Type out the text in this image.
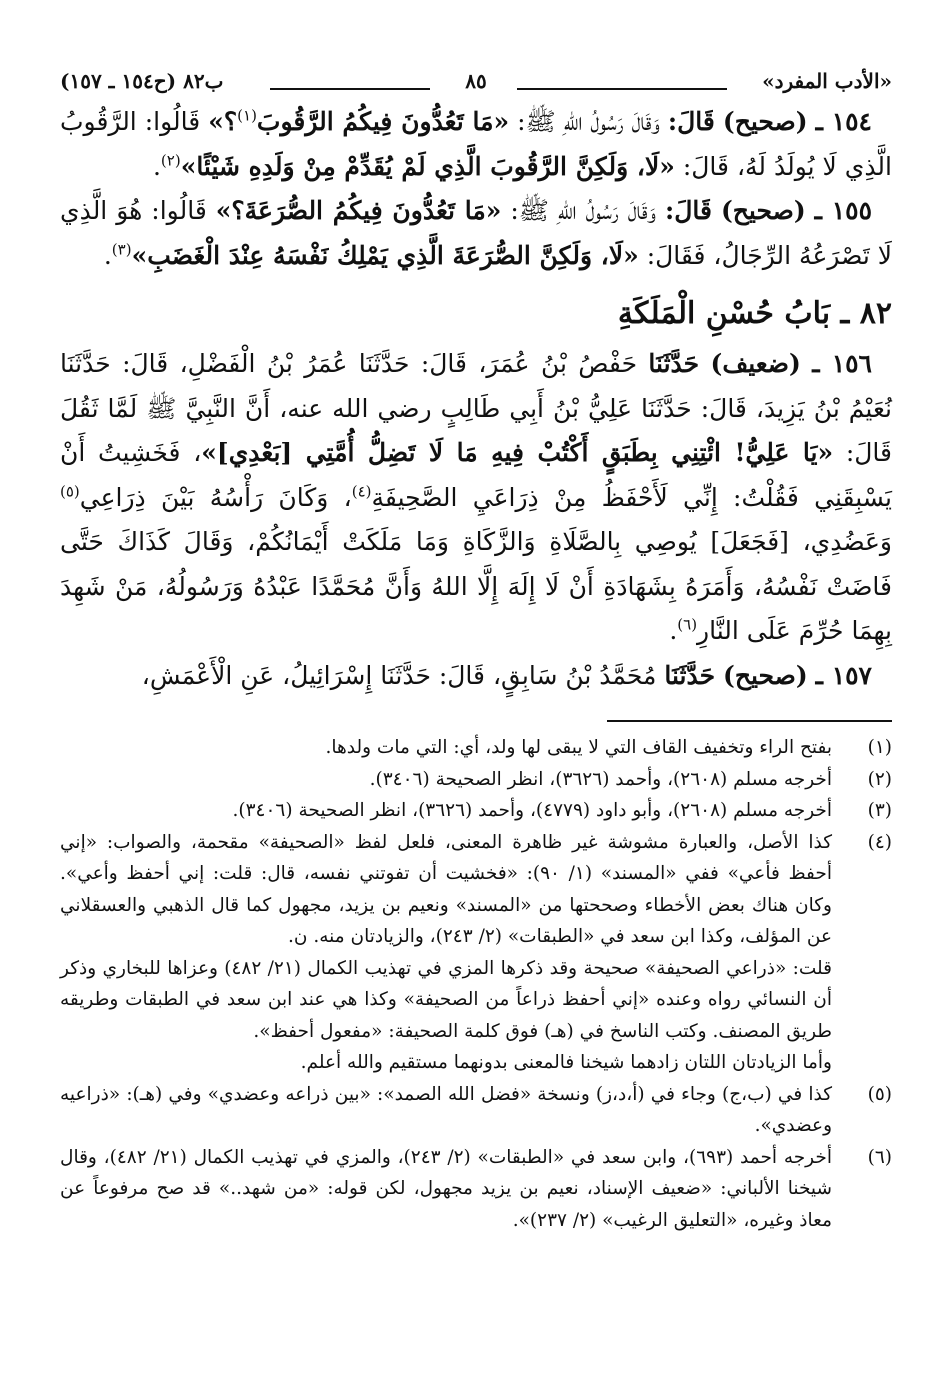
«الأدب المفرد»
٨٥
ب٨٢ (ح١٥٤ ـ ١٥٧)

١٥٤ ـ (صحيح) قَالَ: وَقَالَ رَسُولُ اللهِ ﷺ: «مَا تَعُدُّونَ فِيكُمُ الرَّقُوبَ$^{(١)}$؟» قَالُوا: الرَّقُوبُ الَّذِي لَا يُولَدُ لَهُ، قَالَ: «لَا، وَلَكِنَّ الرَّقُوبَ الَّذِي لَمْ يُقَدِّمْ مِنْ وَلَدِهِ شَيْئًا»$^{(٢)}$.

١٥٥ ـ (صحيح) قَالَ: وَقَالَ رَسُولُ اللهِ ﷺ: «مَا تَعُدُّونَ فِيكُمُ الصُّرَعَةَ؟» قَالُوا: هُوَ الَّذِي لَا تَصْرَعُهُ الرِّجَالُ، فَقَالَ: «لَا، وَلَكِنَّ الصُّرَعَةَ الَّذِي يَمْلِكُ نَفْسَهُ عِنْدَ الْغَضَبِ»$^{(٣)}$.

٨٢ ـ بَابُ حُسْنِ الْمَلَكَةِ

١٥٦ ـ (ضعيف) حَدَّثَنَا حَفْصُ بْنُ عُمَرَ، قَالَ: حَدَّثَنَا عُمَرُ بْنُ الْفَضْلِ، قَالَ: حَدَّثَنَا نُعَيْمُ بْنُ يَزِيدَ، قَالَ: حَدَّثَنَا عَلِيُّ بْنُ أَبِي طَالِبٍ رضي الله عنه، أَنَّ النَّبِيَّ ﷺ لَمَّا ثَقُلَ قَالَ: «يَا عَلِيُّ! ائْتِنِي بِطَبَقٍ أَكْتُبْ فِيهِ مَا لَا تَضِلُّ أُمَّتِي [بَعْدِي]»، فَخَشِيتُ أَنْ يَسْبِقَنِي فَقُلْتُ: إِنِّي لَأَحْفَظُ مِنْ ذِرَاعَيِ الصَّحِيفَةِ$^{(٤)}$، وَكَانَ رَأْسُهُ بَيْنَ ذِرَاعِي$^{(٥)}$ وَعَضُدِي، [فَجَعَلَ] يُوصِي بِالصَّلَاةِ وَالزَّكَاةِ وَمَا مَلَكَتْ أَيْمَانُكُمْ، وَقَالَ كَذَاكَ حَتَّى فَاضَتْ نَفْسُهُ، وَأَمَرَهُ بِشَهَادَةِ أَنْ لَا إِلَهَ إِلَّا اللهُ وَأَنَّ مُحَمَّدًا عَبْدُهُ وَرَسُولُهُ، مَنْ شَهِدَ بِهِمَا حُرِّمَ عَلَى النَّارِ$^{(٦)}$.

١٥٧ ـ (صحيح) حَدَّثَنَا مُحَمَّدُ بْنُ سَابِقٍ، قَالَ: حَدَّثَنَا إِسْرَائِيلُ، عَنِ الْأَعْمَشِ،

(١)

بفتح الراء وتخفيف القاف التي لا يبقى لها ولد، أي: التي مات ولدها.

(٢)

أخرجه مسلم (٢٦٠٨)، وأحمد (٣٦٢٦)، انظر الصحيحة (٣٤٠٦).

(٣)

أخرجه مسلم (٢٦٠٨)، وأبو داود (٤٧٧٩)، وأحمد (٣٦٢٦)، انظر الصحيحة (٣٤٠٦).

(٤)

كذا الأصل، والعبارة مشوشة غير ظاهرة المعنى، فلعل لفظ «الصحيفة» مقحمة، والصواب: «إني أحفظ فأعي» ففي «المسند» (١/ ٩٠): «فخشيت أن تفوتني نفسه، قال: قلت: إني أحفظ وأعي». وكان هناك بعض الأخطاء وصححتها من «المسند» ونعيم بن يزيد، مجهول كما قال الذهبي والعسقلاني عن المؤلف، وكذا ابن سعد في «الطبقات» (٢/ ٢٤٣)، والزيادتان منه. ن.

قلت: «ذراعي الصحيفة» صحيحة وقد ذكرها المزي في تهذيب الكمال (٢١/ ٤٨٢) وعزاها للبخاري وذكر أن النسائي رواه وعنده «إني أحفظ ذراعاً من الصحيفة» وكذا هي عند ابن سعد في الطبقات وطريقه طريق المصنف. وكتب الناسخ في (هـ) فوق كلمة الصحيفة: «مفعول أحفظ».

وأما الزيادتان اللتان زادهما شيخنا فالمعنى بدونهما مستقيم والله أعلم.

(٥)

كذا في (ب،ج) وجاء في (أ،د،ز) ونسخة «فضل الله الصمد»: «بين ذراعه وعضدي» وفي (هـ): «ذراعيه وعضدي».

(٦)

أخرجه أحمد (٦٩٣)، وابن سعد في «الطبقات» (٢/ ٢٤٣)، والمزي في تهذيب الكمال (٢١/ ٤٨٢)، وقال شيخنا الألباني: «ضعيف الإسناد، نعيم بن يزيد مجهول، لكن قوله: «من شهد..» قد صح مرفوعاً عن معاذ وغيره، «التعليق الرغيب» (٢/ ٢٣٧)».
